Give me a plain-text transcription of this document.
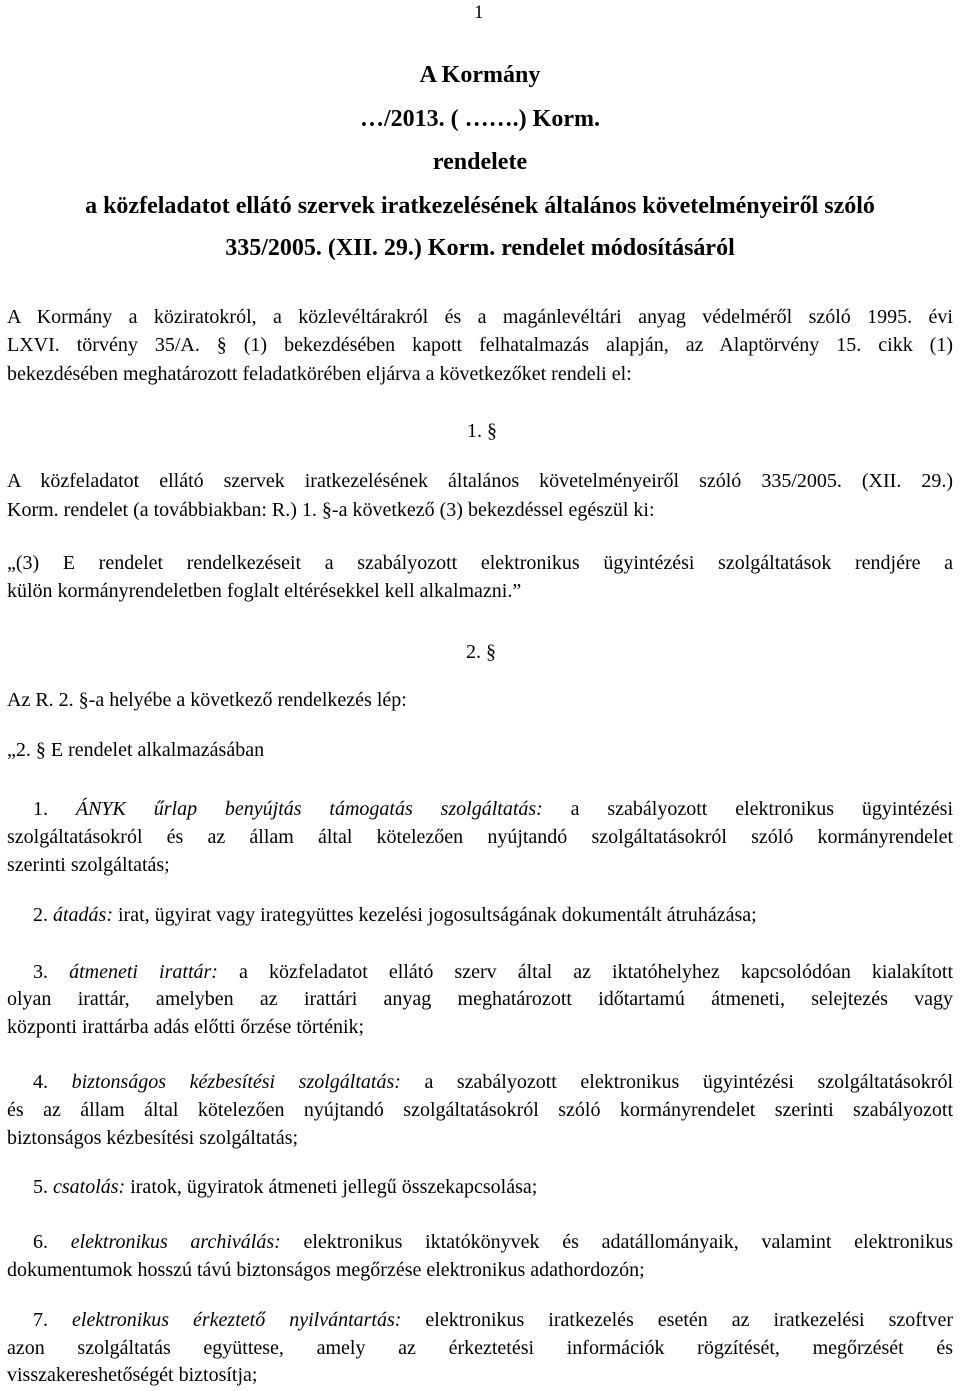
1
A Kormány
…/2013. ( …….) Korm.
rendelete
a közfeladatot ellátó szervek iratkezelésének általános követelményeiről szóló
335/2005. (XII. 29.) Korm. rendelet módosításáról
A Kormány a köziratokról, a közlevéltárakról és a magánlevéltári anyag védelméről szóló 1995. évi
LXVI. törvény 35/A. § (1) bekezdésében kapott felhatalmazás alapján, az Alaptörvény 15. cikk (1)
bekezdésében meghatározott feladatkörében eljárva a következőket rendeli el:
1. §
A közfeladatot ellátó szervek iratkezelésének általános követelményeiről szóló 335/2005. (XII. 29.)
Korm. rendelet (a továbbiakban: R.) 1. §-a következő (3) bekezdéssel egészül ki:
„(3) E rendelet rendelkezéseit a szabályozott elektronikus ügyintézési szolgáltatások rendjére a
külön kormányrendeletben foglalt eltérésekkel kell alkalmazni.”
2. §
Az R. 2. §-a helyébe a következő rendelkezés lép:
„2. § E rendelet alkalmazásában
1. ÁNYK űrlap benyújtás támogatás szolgáltatás: a szabályozott elektronikus ügyintézési
szolgáltatásokról és az állam által kötelezően nyújtandó szolgáltatásokról szóló kormányrendelet
szerinti szolgáltatás;
2. átadás: irat, ügyirat vagy irategyüttes kezelési jogosultságának dokumentált átruházása;
3. átmeneti irattár: a közfeladatot ellátó szerv által az iktatóhelyhez kapcsolódóan kialakított
olyan irattár, amelyben az irattári anyag meghatározott időtartamú átmeneti, selejtezés vagy
központi irattárba adás előtti őrzése történik;
4. biztonságos kézbesítési szolgáltatás: a szabályozott elektronikus ügyintézési szolgáltatásokról
és az állam által kötelezően nyújtandó szolgáltatásokról szóló kormányrendelet szerinti szabályozott
biztonságos kézbesítési szolgáltatás;
5. csatolás: iratok, ügyiratok átmeneti jellegű összekapcsolása;
6. elektronikus archiválás: elektronikus iktatókönyvek és adatállományaik, valamint elektronikus
dokumentumok hosszú távú biztonságos megőrzése elektronikus adathordozón;
7. elektronikus érkeztető nyilvántartás: elektronikus iratkezelés esetén az iratkezelési szoftver
azon szolgáltatás együttese, amely az érkeztetési információk rögzítését, megőrzését és
visszakereshetőségét biztosítja;
